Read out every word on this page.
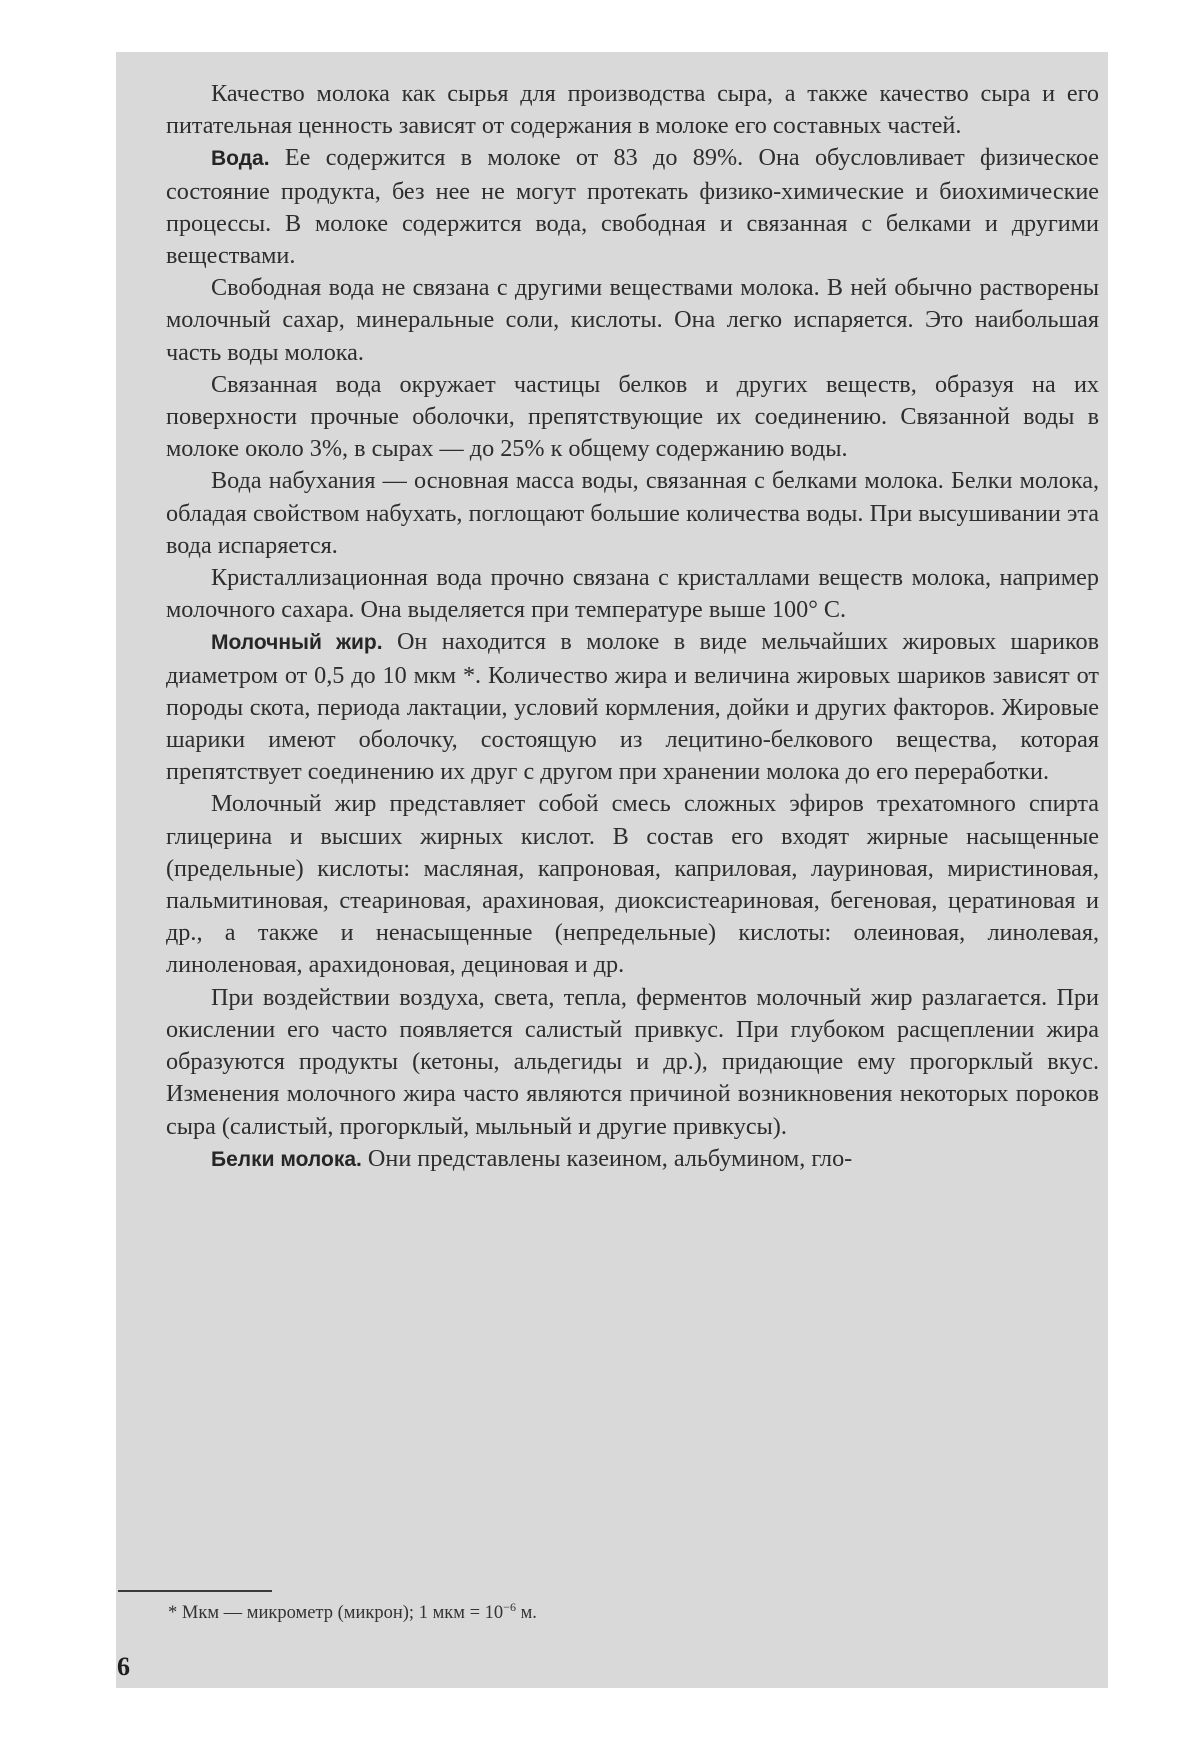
Качество молока как сырья для производства сыра, а также качество сыра и его питательная ценность зависят от содержания в молоке его составных частей.

Вода. Ее содержится в молоке от 83 до 89%. Она обусловливает физическое состояние продукта, без нее не могут протекать физико-химические и биохимические процессы. В молоке содержится вода, свободная и связанная с белками и другими веществами.

Свободная вода не связана с другими веществами молока. В ней обычно растворены молочный сахар, минеральные соли, кислоты. Она легко испаряется. Это наибольшая часть воды молока.

Связанная вода окружает частицы белков и других веществ, образуя на их поверхности прочные оболочки, препятствующие их соединению. Связанной воды в молоке около 3%, в сырах — до 25% к общему содержанию воды.

Вода набухания — основная масса воды, связанная с белками молока. Белки молока, обладая свойством набухать, поглощают большие количества воды. При высушивании эта вода испаряется.

Кристаллизационная вода прочно связана с кристаллами веществ молока, например молочного сахара. Она выделяется при температуре выше 100° С.

Молочный жир. Он находится в молоке в виде мельчайших жировых шариков диаметром от 0,5 до 10 мкм *. Количество жира и величина жировых шариков зависят от породы скота, периода лактации, условий кормления, дойки и других факторов. Жировые шарики имеют оболочку, состоящую из лецитино-белкового вещества, которая препятствует соединению их друг с другом при хранении молока до его переработки.

Молочный жир представляет собой смесь сложных эфиров трехатомного спирта глицерина и высших жирных кислот. В состав его входят жирные насыщенные (предельные) кислоты: масляная, капроновая, каприловая, лауриновая, миристиновая, пальмитиновая, стеариновая, арахиновая, диоксистеариновая, бегеновая, цератиновая и др., а также и ненасыщенные (непредельные) кислоты: олеиновая, линолевая, линоленовая, арахидоновая, дециновая и др.

При воздействии воздуха, света, тепла, ферментов молочный жир разлагается. При окислении его часто появляется салистый привкус. При глубоком расщеплении жира образуются продукты (кетоны, альдегиды и др.), придающие ему прогорклый вкус. Изменения молочного жира часто являются причиной возникновения некоторых пороков сыра (салистый, прогорклый, мыльный и другие привкусы).

Белки молока. Они представлены казеином, альбумином, гло-

* Мкм — микрометр (микрон); 1 мкм = $10^{-6}$ м.
6
